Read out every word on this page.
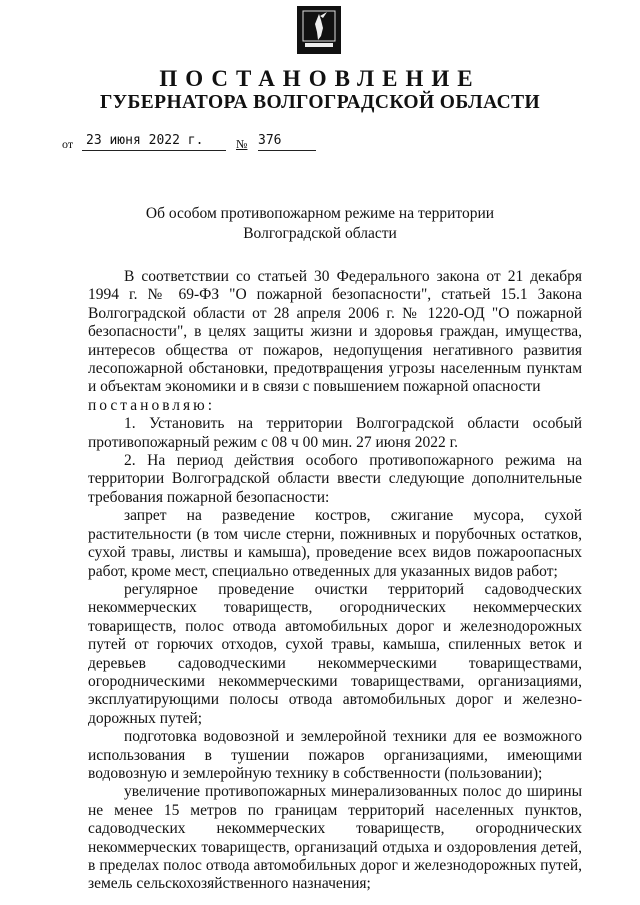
ПОСТАНОВЛЕНИЕ
ГУБЕРНАТОРА ВОЛГОГРАДСКОЙ ОБЛАСТИ
от 23 июня 2022 г.	№ 376
Об особом противопожарном режиме на территории
Волгоградской области

В соответствии со статьей 30 Федерального закона от 21 декабря 1994 г. № 69-ФЗ "О пожарной безопасности", статьей 15.1 Закона Волгоградской области от 28 апреля 2006 г. № 1220-ОД "О пожарной безопасности", в целях защиты жизни и здоровья граждан, имущества, интересов общества от пожаров, недопущения негативного развития лесопожарной обстановки, предотвращения угрозы населенным пунктам и объектам экономики и в связи с повышением пожарной опасности

постановляю:

1. Установить на территории Волгоградской области особый противопожарный режим с 08 ч 00 мин. 27 июня 2022 г.

2. На период действия особого противопожарного режима на территории Волгоградской области ввести следующие дополнительные требования пожарной безопасности:

запрет на разведение костров, сжигание мусора, сухой растительности (в том числе стерни, пожнивных и порубочных остатков, сухой травы, листвы и камыша), проведение всех видов пожароопасных работ, кроме мест, специально отведенных для указанных видов работ;

регулярное проведение очистки территорий садоводческих некоммерческих товариществ, огороднических некоммерческих товариществ, полос отвода автомобильных дорог и железнодорожных путей от горючих отходов, сухой травы, камыша, спиленных веток и деревьев садоводческими некоммерческими товариществами, огородническими некоммерческими товариществами, организациями, эксплуатирующими полосы отвода автомобильных дорог и железно-дорожных путей;

подготовка водовозной и землеройной техники для ее возможного использования в тушении пожаров организациями, имеющими водовозную и землеройную технику в собственности (пользовании);

увеличение противопожарных минерализованных полос до ширины не менее 15 метров по границам территорий населенных пунктов, садоводческих некоммерческих товариществ, огороднических некоммерческих товариществ, организаций отдыха и оздоровления детей, в пределах полос отвода автомобильных дорог и железнодорожных путей, земель сельскохозяйственного назначения;
